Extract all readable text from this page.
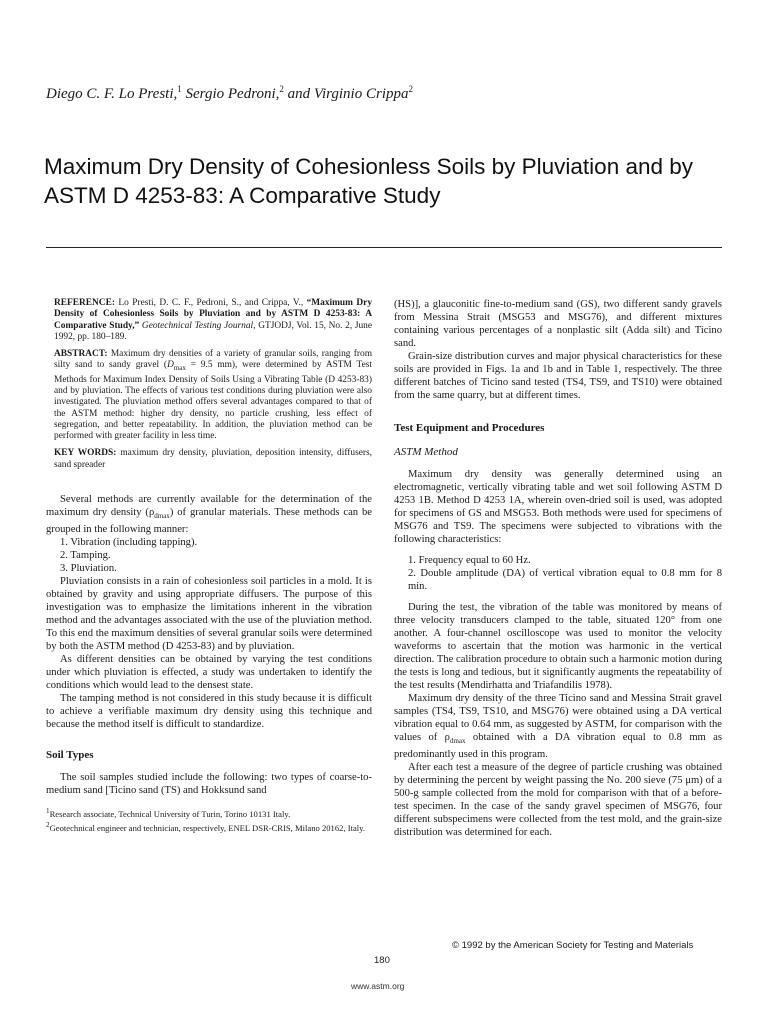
Diego C. F. Lo Presti,$^1$ Sergio Pedroni,$^2$ and Virginio Crippa$^2$
Maximum Dry Density of Cohesionless Soils by Pluviation and by ASTM D 4253-83: A Comparative Study

REFERENCE: Lo Presti, D. C. F., Pedroni, S., and Crippa, V., “Maximum Dry Density of Cohesionless Soils by Pluviation and by ASTM D 4253-83: A Comparative Study,” Geotechnical Testing Journal, GTJODJ, Vol. 15, No. 2, June 1992, pp. 180–189.

ABSTRACT: Maximum dry densities of a variety of granular soils, ranging from silty sand to sandy gravel ($D_{max} = 9.5$ mm), were determined by ASTM Test Methods for Maximum Index Density of Soils Using a Vibrating Table (D 4253-83) and by pluviation. The effects of various test conditions during pluviation were also investigated. The pluviation method offers several advantages compared to that of the ASTM method: higher dry density, no particle crushing, less effect of segregation, and better repeatability. In addition, the pluviation method can be performed with greater facility in less time.

KEY WORDS: maximum dry density, pluviation, deposition intensity, diffusers, sand spreader

Several methods are currently available for the determination of the maximum dry density $(\rho_{dmax})$ of granular materials. These methods can be grouped in the following manner:

1. Vibration (including tapping).
2. Tamping.
3. Pluviation.

Pluviation consists in a rain of cohesionless soil particles in a mold. It is obtained by gravity and using appropriate diffusers. The purpose of this investigation was to emphasize the limitations inherent in the vibration method and the advantages associated with the use of the pluviation method. To this end the maximum densities of several granular soils were determined by both the ASTM method (D 4253-83) and by pluviation.

As different densities can be obtained by varying the test conditions under which pluviation is effected, a study was undertaken to identify the conditions which would lead to the densest state.

The tamping method is not considered in this study because it is difficult to achieve a verifiable maximum dry density using this technique and because the method itself is difficult to standardize.

Soil Types

The soil samples studied include the following: two types of coarse-to-medium sand [Ticino sand (TS) and Hokksund sand

$^1$Research associate, Technical University of Turin, Torino 10131 Italy.

$^2$Geotechnical engineer and technician, respectively, ENEL DSR-CRIS, Milano 20162, Italy.

(HS)], a glauconitic fine-to-medium sand (GS), two different sandy gravels from Messina Strait (MSG53 and MSG76), and different mixtures containing various percentages of a nonplastic silt (Adda silt) and Ticino sand.

Grain-size distribution curves and major physical characteristics for these soils are provided in Figs. 1a and 1b and in Table 1, respectively. The three different batches of Ticino sand tested (TS4, TS9, and TS10) were obtained from the same quarry, but at different times.

Test Equipment and Procedures
ASTM Method

Maximum dry density was generally determined using an electromagnetic, vertically vibrating table and wet soil following ASTM D 4253 1B. Method D 4253 1A, wherein oven-dried soil is used, was adopted for specimens of GS and MSG53. Both methods were used for specimens of MSG76 and TS9. The specimens were subjected to vibrations with the following characteristics:

1. Frequency equal to 60 Hz.
2. Double amplitude (DA) of vertical vibration equal to 0.8 mm for 8 min.

During the test, the vibration of the table was monitored by means of three velocity transducers clamped to the table, situated 120° from one another. A four-channel oscilloscope was used to monitor the velocity waveforms to ascertain that the motion was harmonic in the vertical direction. The calibration procedure to obtain such a harmonic motion during the tests is long and tedious, but it significantly augments the repeatability of the test results (Mendirhatta and Triafandilis 1978).

Maximum dry density of the three Ticino sand and Messina Strait gravel samples (TS4, TS9, TS10, and MSG76) were obtained using a DA vertical vibration equal to 0.64 mm, as suggested by ASTM, for comparison with the values of $\rho_{dmax}$ obtained with a DA vibration equal to 0.8 mm as predominantly used in this program.

After each test a measure of the degree of particle crushing was obtained by determining the percent by weight passing the No. 200 sieve (75 μm) of a 500-g sample collected from the mold for comparison with that of a before-test specimen. In the case of the sandy gravel specimen of MSG76, four different subspecimens were collected from the test mold, and the grain-size distribution was determined for each.

© 1992 by the American Society for Testing and Materials
180
www.astm.org
